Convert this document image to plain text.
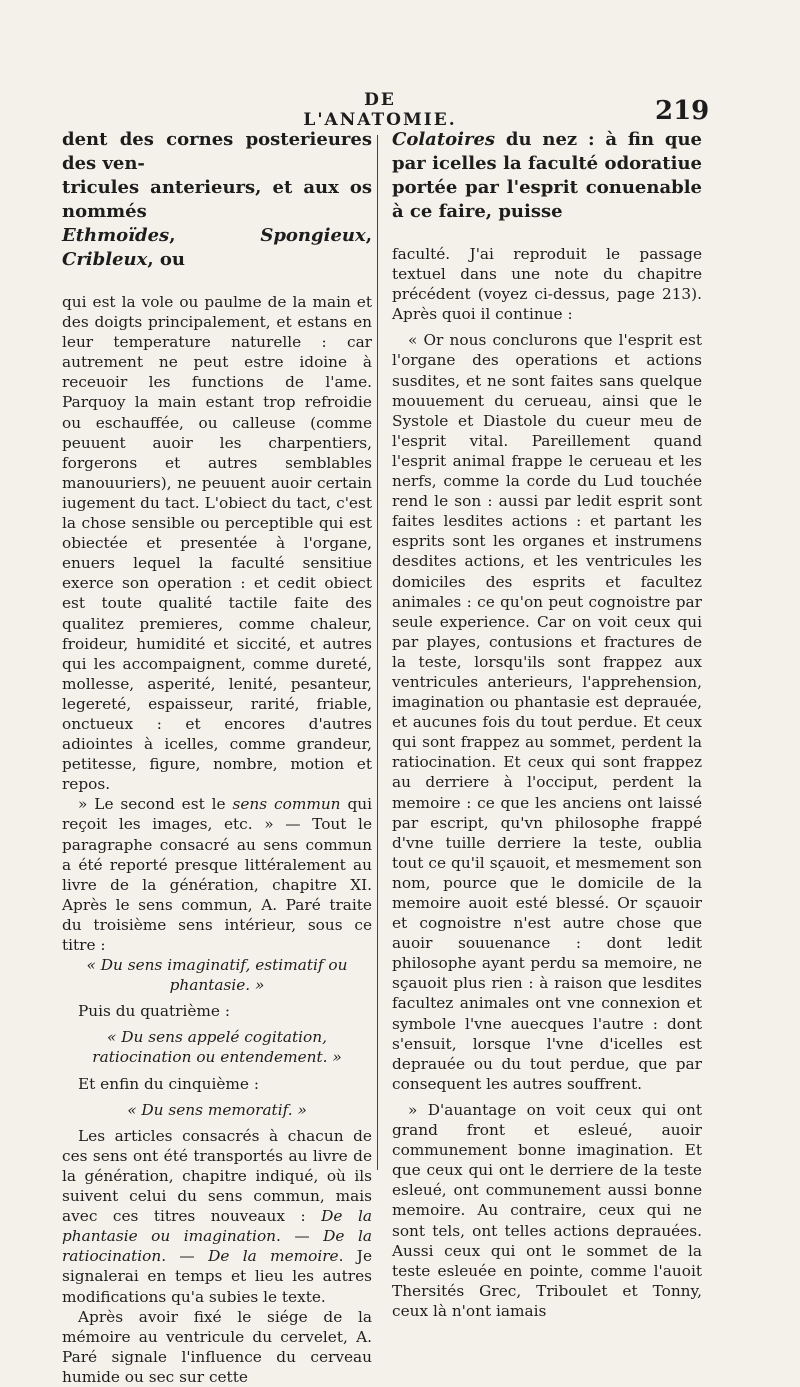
DE L'ANATOMIE.	219

dent des cornes posterieures des ven-

tricules anterieurs, et aux os nommés

Ethmoïdes, Spongieux, Cribleux, ou

qui est la vole ou paulme de la main et des doigts principalement, et estans en leur temperature naturelle : car autrement ne peut estre idoine à receuoir les functions de l'ame. Parquoy la main estant trop refroidie ou eschauffée, ou calleuse (comme peuuent auoir les charpentiers, forgerons et autres semblables manouuriers), ne peuuent auoir certain iugement du tact. L'obiect du tact, c'est la chose sensible ou perceptible qui est obiectée et presentée à l'organe, enuers lequel la faculté sensitiue exerce son operation : et cedit obiect est toute qualité tactile faite des qualitez premieres, comme chaleur, froideur, humidité et siccité, et autres qui les accompaignent, comme dureté, mollesse, asperité, lenité, pesanteur, legereté, espaisseur, rarité, friable, onctueux : et encores d'autres adiointes à icelles, comme grandeur, petitesse, figure, nombre, motion et repos.

» Le second est le sens commun qui reçoit les images, etc. » — Tout le paragraphe consacré au sens commun a été reporté presque littéralement au livre de la génération, chapitre XI. Après le sens commun, A. Paré traite du troisième sens intérieur, sous ce titre :

« Du sens imaginatif, estimatif ou phantasie. »

Puis du quatrième :

« Du sens appelé cogitation, ratiocination ou entendement. »

Et enfin du cinquième :

« Du sens memoratif. »

Les articles consacrés à chacun de ces sens ont été transportés au livre de la génération, chapitre indiqué, où ils suivent celui du sens commun, mais avec ces titres nouveaux : De la phantasie ou imagination. — De la ratiocination. — De la memoire. Je signalerai en temps et lieu les autres modifications qu'a subies le texte.

Après avoir fixé le siége de la mémoire au ventricule du cervelet, A. Paré signale l'influence du cerveau humide ou sec sur cette

Colatoires du nez : à fin que par icelles la faculté odoratiue portée par l'esprit conuenable à ce faire, puisse

faculté. J'ai reproduit le passage textuel dans une note du chapitre précédent (voyez ci-dessus, page 213). Après quoi il continue :

« Or nous conclurons que l'esprit est l'organe des operations et actions susdites, et ne sont faites sans quelque mouuement du cerueau, ainsi que le Systole et Diastole du cueur meu de l'esprit vital. Pareillement quand l'esprit animal frappe le cerueau et les nerfs, comme la corde du Lud touchée rend le son : aussi par ledit esprit sont faites lesdites actions : et partant les esprits sont les organes et instrumens desdites actions, et les ventricules les domiciles des esprits et facultez animales : ce qu'on peut cognoistre par seule experience. Car on voit ceux qui par playes, contusions et fractures de la teste, lorsqu'ils sont frappez aux ventricules anterieurs, l'apprehension, imagination ou phantasie est deprauée, et aucunes fois du tout perdue. Et ceux qui sont frappez au sommet, perdent la ratiocination. Et ceux qui sont frappez au derriere à l'occiput, perdent la memoire : ce que les anciens ont laissé par escript, qu'vn philosophe frappé d'vne tuille derriere la teste, oublia tout ce qu'il sçauoit, et mesmement son nom, pource que le domicile de la memoire auoit esté blessé. Or sçauoir et cognoistre n'est autre chose que auoir souuenance : dont ledit philosophe ayant perdu sa memoire, ne sçauoit plus rien : à raison que lesdites facultez animales ont vne connexion et symbole l'vne auecques l'autre : dont s'ensuit, lorsque l'vne d'icelles est deprauée ou du tout perdue, que par consequent les autres souffrent.

» D'auantage on voit ceux qui ont grand front et esleué, auoir communement bonne imagination. Et que ceux qui ont le derriere de la teste esleué, ont communement aussi bonne memoire. Au contraire, ceux qui ne sont tels, ont telles actions deprauées. Aussi ceux qui ont le sommet de la teste esleuée en pointe, comme l'auoit Thersités Grec, Triboulet et Tonny, ceux là n'ont iamais
